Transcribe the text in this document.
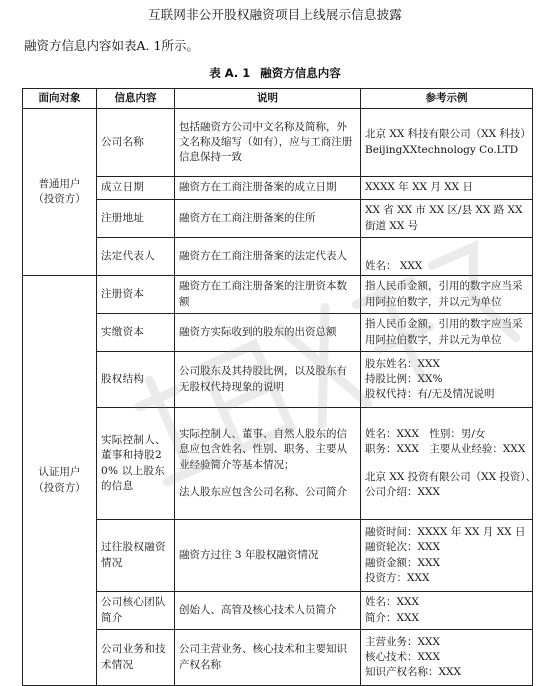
互联网非公开股权融资项目上线展示信息披露
融资方信息内容如表A. 1所示。
表 A. 1 融资方信息内容
面向对象	信息内容	说明	参考示例

普通用户
（投资方）	公司名称	包括融资方公司中文名称及简称，外文名称及缩写（如有），应与工商注册信息保持一致	北京 XX 科技有限公司（XX 科技）
BeijingXXtechnology Co.LTD

	成立日期	融资方在工商注册备案的成立日期	XXXX 年 XX 月 XX 日
	注册地址	融资方在工商注册备案的住所	XX 省 XX 市 XX 区/县 XX 路 XX 街道 XX 号
	法定代表人	融资方在工商注册备案的法定代表人	姓名： XXX

认证用户
（投资方）	注册资本	融资方在工商注册备案的注册资本数额	指人民币金额，引用的数字应当采用阿拉伯数字，并以元为单位
	实缴资本	融资方实际收到的股东的出资总额	指人民币金额，引用的数字应当采用阿拉伯数字，并以元为单位
	股权结构	公司股东及其持股比例，以及股东有无股权代持现象的说明	股东姓名：XXX
持股比例：XX%
股权代持：有/无及情况说明

	实际控制人、董事和持股20% 以上股东的信息	实际控制人、董事、自然人股东的信息应包含姓名、性别、职务、主要从业经验简介等基本情况；
法人股东应包含公司名称、公司简介	姓名：XXX　性别：男/女
职务：XXX　主要从业经验：XXX
北京 XX 投资有限公司（XX 投资）、
公司介绍：XXX

	过往股权融资情况	融资方过往 3 年股权融资情况	融资时间：XXXX 年 XX 月 XX 日
融资轮次：XXX
融资金额：XXX
投资方：XXX

	公司核心团队简介	创始人、高管及核心技术人员简介	姓名：XXX
简介：XXX

	公司业务和技术情况	公司主营业务、核心技术和主要知识产权名称	主营业务：XXX
核心技术：XXX
知识产权名称：XXX
